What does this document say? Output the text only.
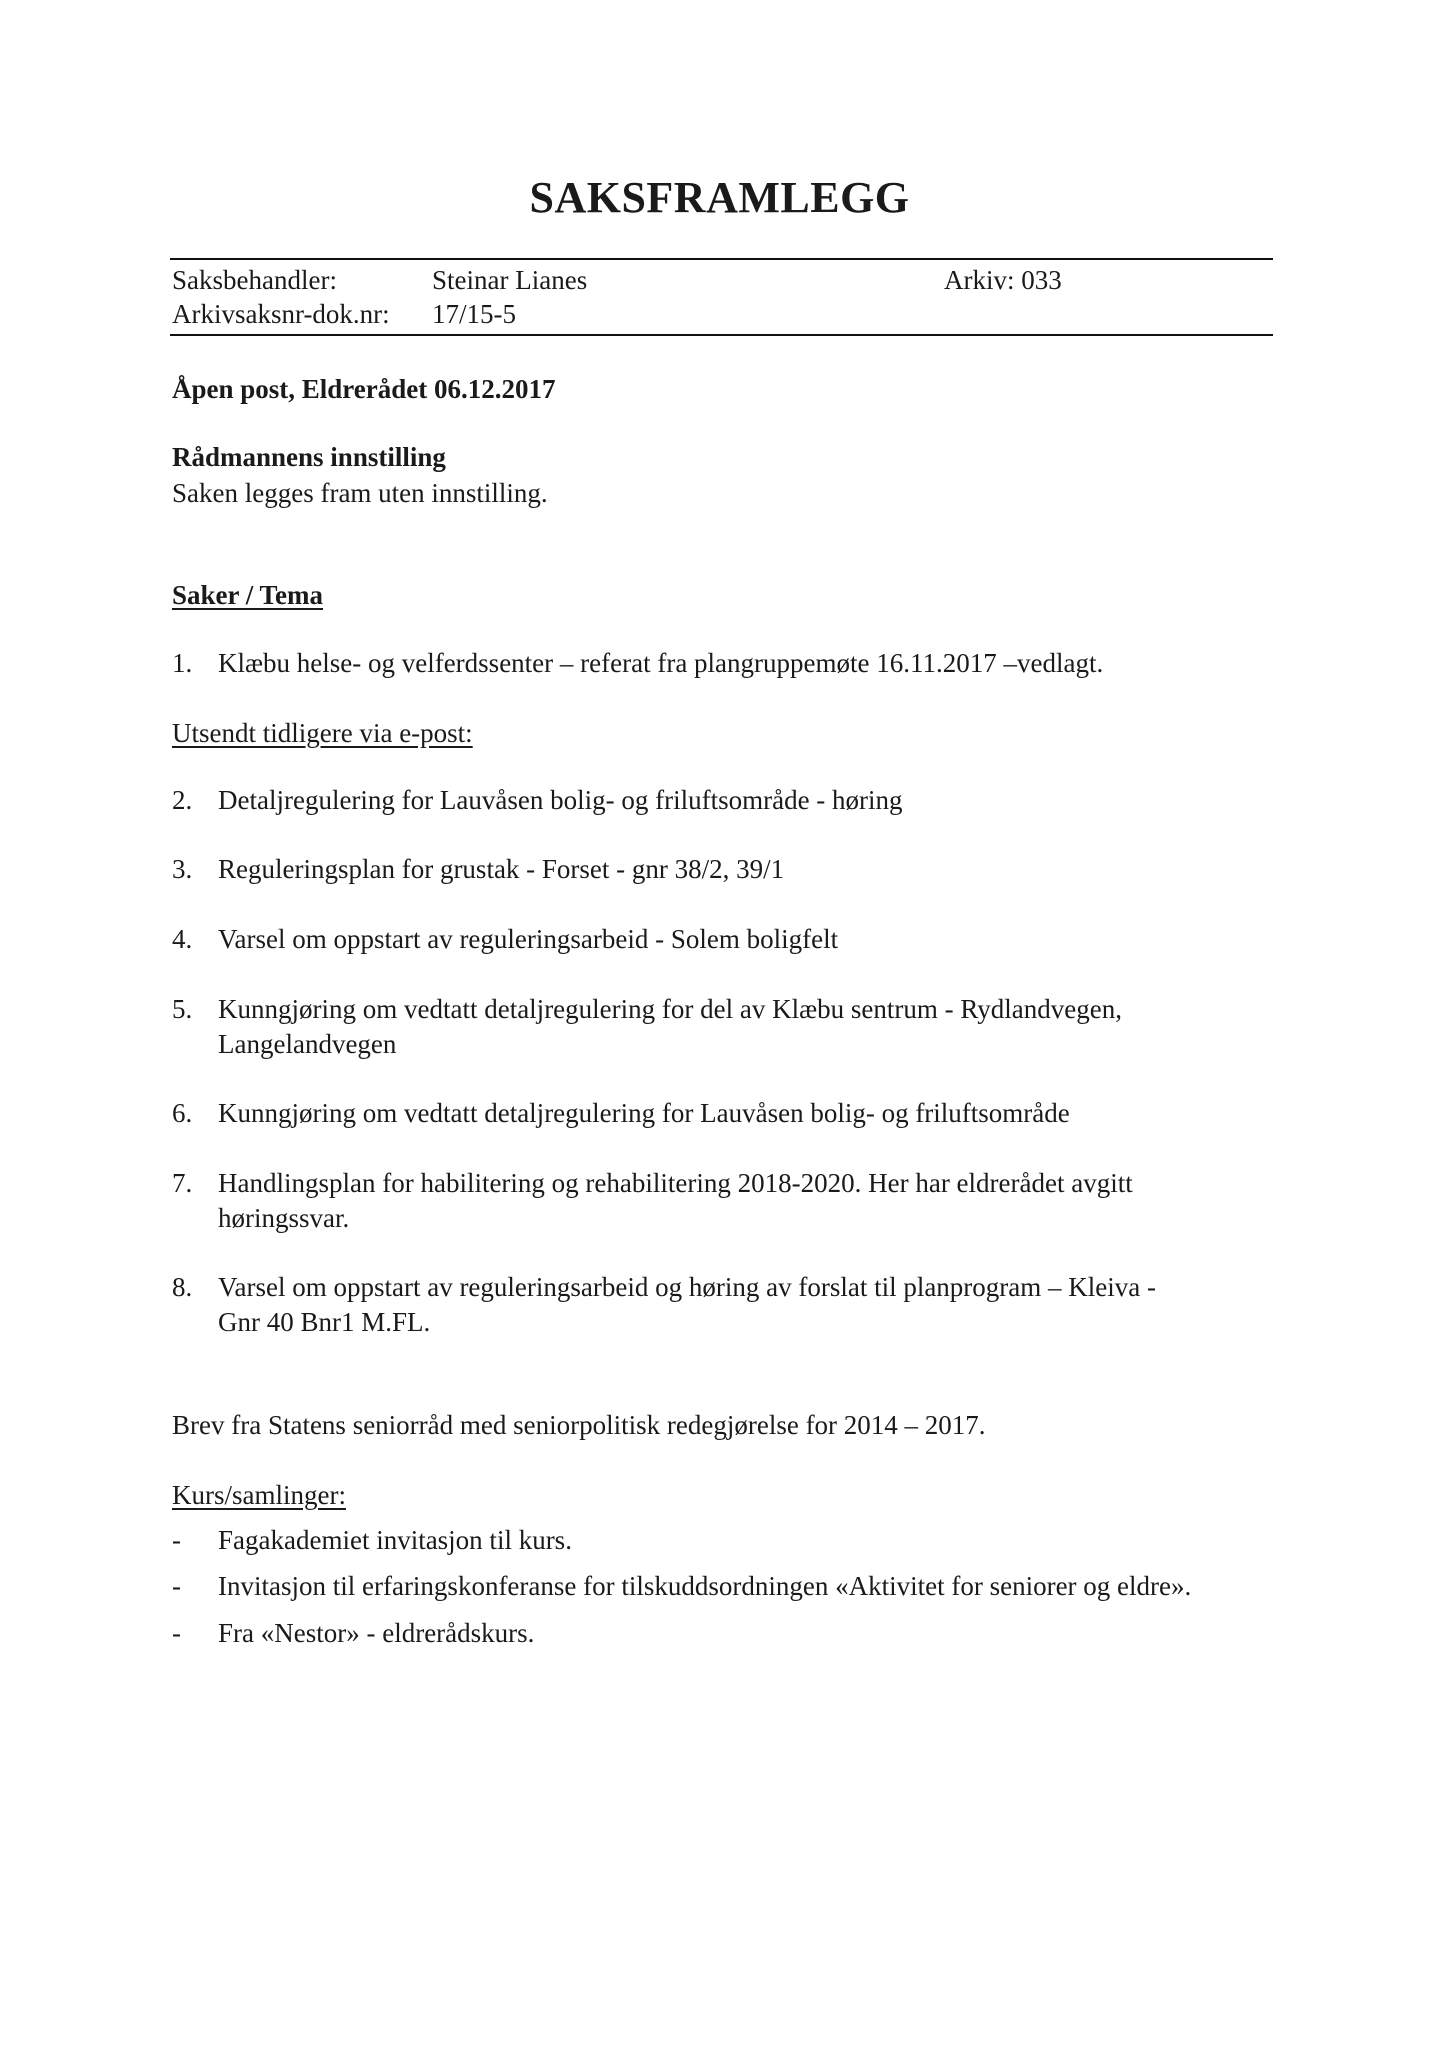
SAKSFRAMLEGG
Saksbehandler:	Steinar Lianes	Arkiv: 033
Arkivsaksnr-dok.nr: 17/15-5
Åpen post, Eldrerådet 06.12.2017
Rådmannens innstilling
Saken legges fram uten innstilling.
Saker / Tema
1. Klæbu helse- og velferdssenter – referat fra plangruppemøte 16.11.2017 –vedlagt.
Utsendt tidligere via e-post:
2. Detaljregulering for Lauvåsen bolig- og friluftsområde - høring
3. Reguleringsplan for grustak - Forset - gnr 38/2, 39/1
4. Varsel om oppstart av reguleringsarbeid - Solem boligfelt
5. Kunngjøring om vedtatt detaljregulering for del av Klæbu sentrum - Rydlandvegen,
Langelandvegen
6. Kunngjøring om vedtatt detaljregulering for Lauvåsen bolig- og friluftsområde
7. Handlingsplan for habilitering og rehabilitering 2018-2020. Her har eldrerådet avgitt
høringssvar.
8. Varsel om oppstart av reguleringsarbeid og høring av forslat til planprogram – Kleiva -
Gnr 40 Bnr1 M.FL.
Brev fra Statens seniorråd med seniorpolitisk redegjørelse for 2014 – 2017.
Kurs/samlinger:
- Fagakademiet invitasjon til kurs.
- Invitasjon til erfaringskonferanse for tilskuddsordningen «Aktivitet for seniorer og eldre».
- Fra «Nestor» - eldrerådskurs.
